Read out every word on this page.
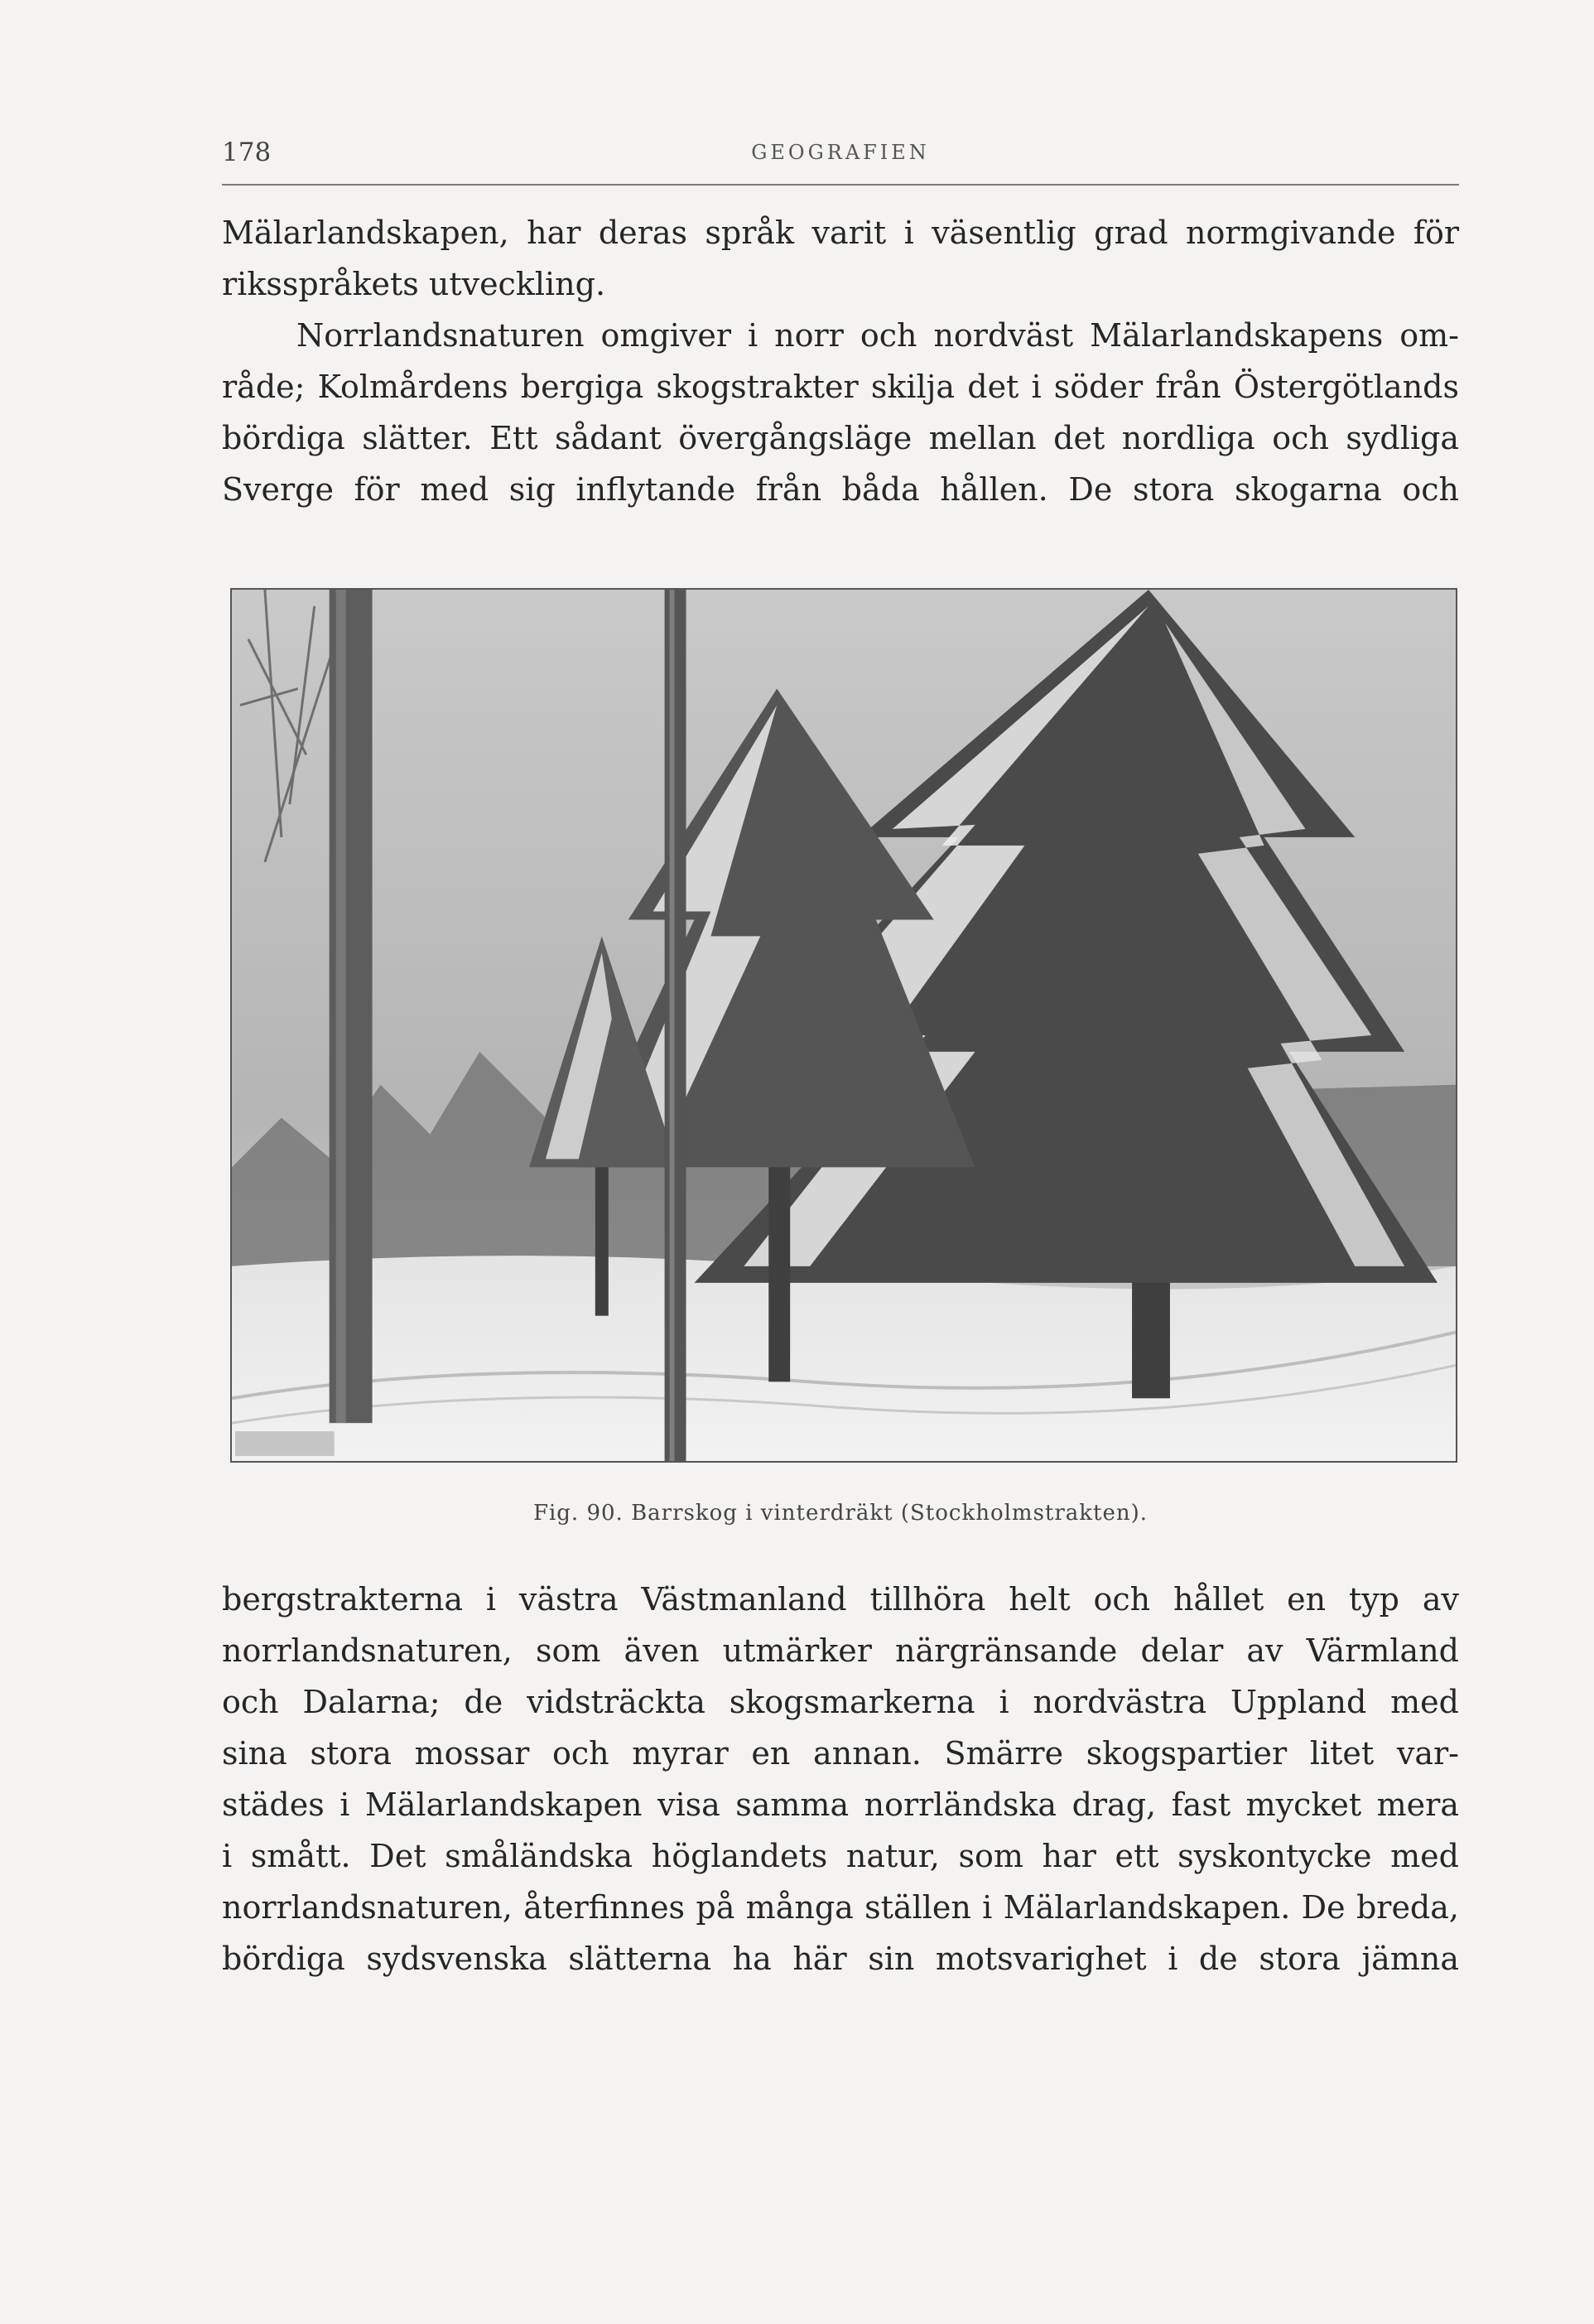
178	GEOGRAFIEN
Mälarlandskapen, har deras språk varit i väsentlig grad normgivande för
riksspråkets utveckling.
Norrlandsnaturen omgiver i norr och nordväst Mälarlandskapens om-
råde; Kolmårdens bergiga skogstrakter skilja det i söder från Östergötlands
bördiga slätter. Ett sådant övergångsläge mellan det nordliga och sydliga
Sverge för med sig inflytande från båda hållen. De stora skogarna och
Fig. 90. Barrskog i vinterdräkt (Stockholmstrakten).
bergstrakterna i västra Västmanland tillhöra helt och hållet en typ av
norrlandsnaturen, som även utmärker närgränsande delar av Värmland
och Dalarna; de vidsträckta skogsmarkerna i nordvästra Uppland med
sina stora mossar och myrar en annan. Smärre skogspartier litet var-
städes i Mälarlandskapen visa samma norrländska drag, fast mycket mera
i smått. Det småländska höglandets natur, som har ett syskontycke med
norrlandsnaturen, återfinnes på många ställen i Mälarlandskapen. De breda,
bördiga sydsvenska slätterna ha här sin motsvarighet i de stora jämna
